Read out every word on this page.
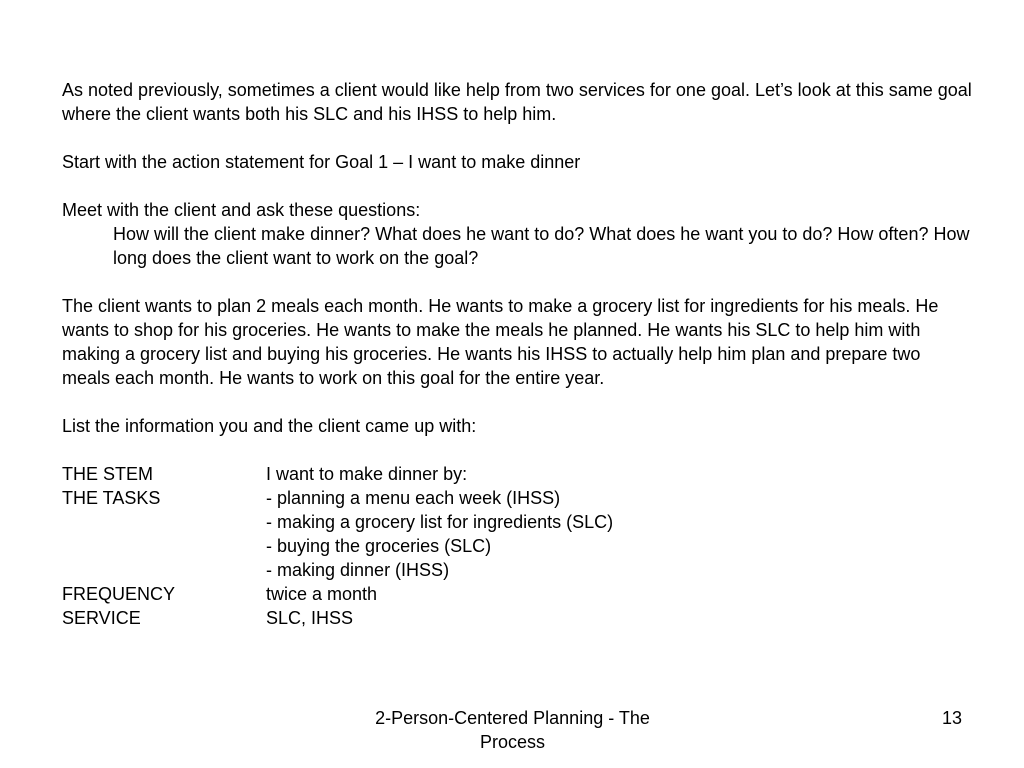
As noted previously, sometimes a client would like help from two services for one goal. Let’s look at this same goal where the client wants both his SLC and his IHSS to help him.

Start with the action statement for Goal 1 – I want to make dinner

Meet with the client and ask these questions:

How will the client make dinner? What does he want to do? What does he want you to do? How often? How long does the client want to work on the goal?

The client wants to plan 2 meals each month. He wants to make a grocery list for ingredients for his meals. He wants to shop for his groceries. He wants to make the meals he planned. He wants his SLC to help him with making a grocery list and buying his groceries. He wants his IHSS to actually help him plan and prepare two meals each month. He wants to work on this goal for the entire year.

List the information you and the client came up with:

THE STEM	I want to make dinner by:
THE TASKS	- planning a menu each week (IHSS)
- making a grocery list for ingredients (SLC)
- buying the groceries (SLC)
- making dinner (IHSS)
FREQUENCY	twice a month
SERVICE	SLC, IHSS
2-Person-Centered Planning - The Process
13
